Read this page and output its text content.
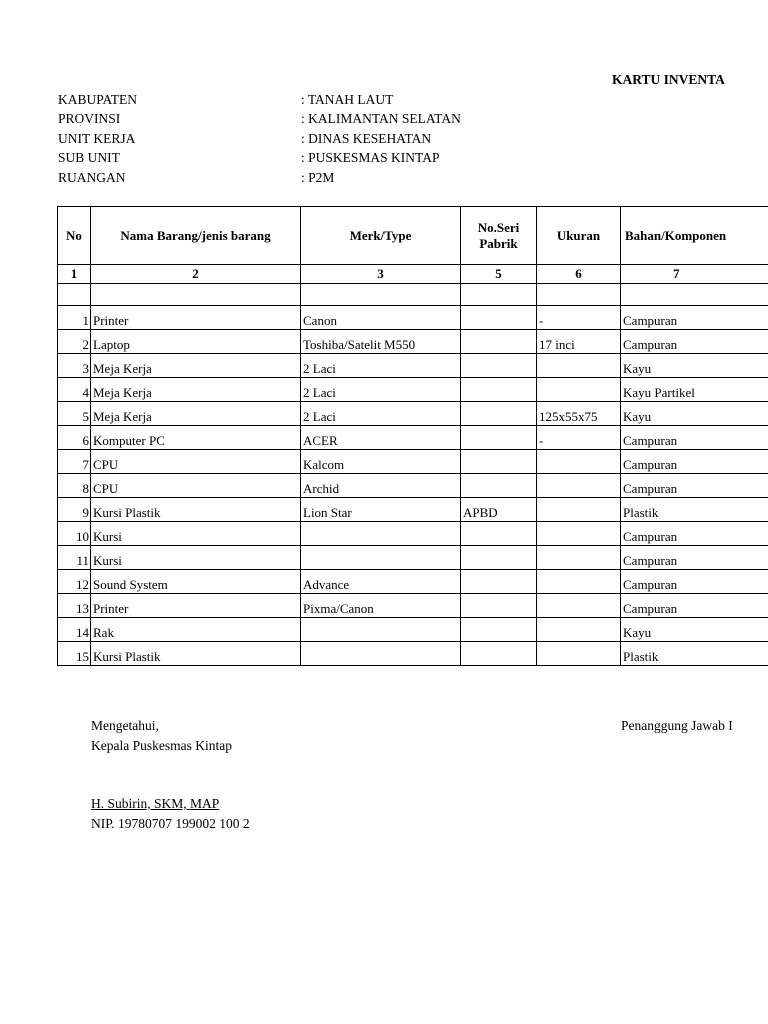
KARTU INVENTA
KABUPATEN	: TANAH LAUT
PROVINSI	: KALIMANTAN SELATAN
UNIT KERJA	: DINAS KESEHATAN
SUB UNIT	: PUSKESMAS KINTAP
RUANGAN	: P2M
No	Nama Barang/jenis barang	Merk/Type	No.Seri Pabrik	Ukuran	Bahan/Komponen
1	2	3	5	6	7

1	Printer	Canon		-	Campuran
2	Laptop	Toshiba/Satelit M550		17 inci	Campuran
3	Meja Kerja	2 Laci			Kayu
4	Meja Kerja	2 Laci			Kayu Partikel
5	Meja Kerja	2 Laci		125x55x75	Kayu
6	Komputer PC	ACER		-	Campuran
7	CPU	Kalcom			Campuran
8	CPU	Archid			Campuran
9	Kursi Plastik	Lion Star	APBD		Plastik
10	Kursi				Campuran
11	Kursi				Campuran
12	Sound System	Advance			Campuran
13	Printer	Pixma/Canon			Campuran
14	Rak				Kayu
15	Kursi Plastik				Plastik
Mengetahui,
Kepala Puskesmas Kintap
H. Subirin, SKM, MAP
NIP. 19780707 199002 100 2
Penanggung Jawab I
